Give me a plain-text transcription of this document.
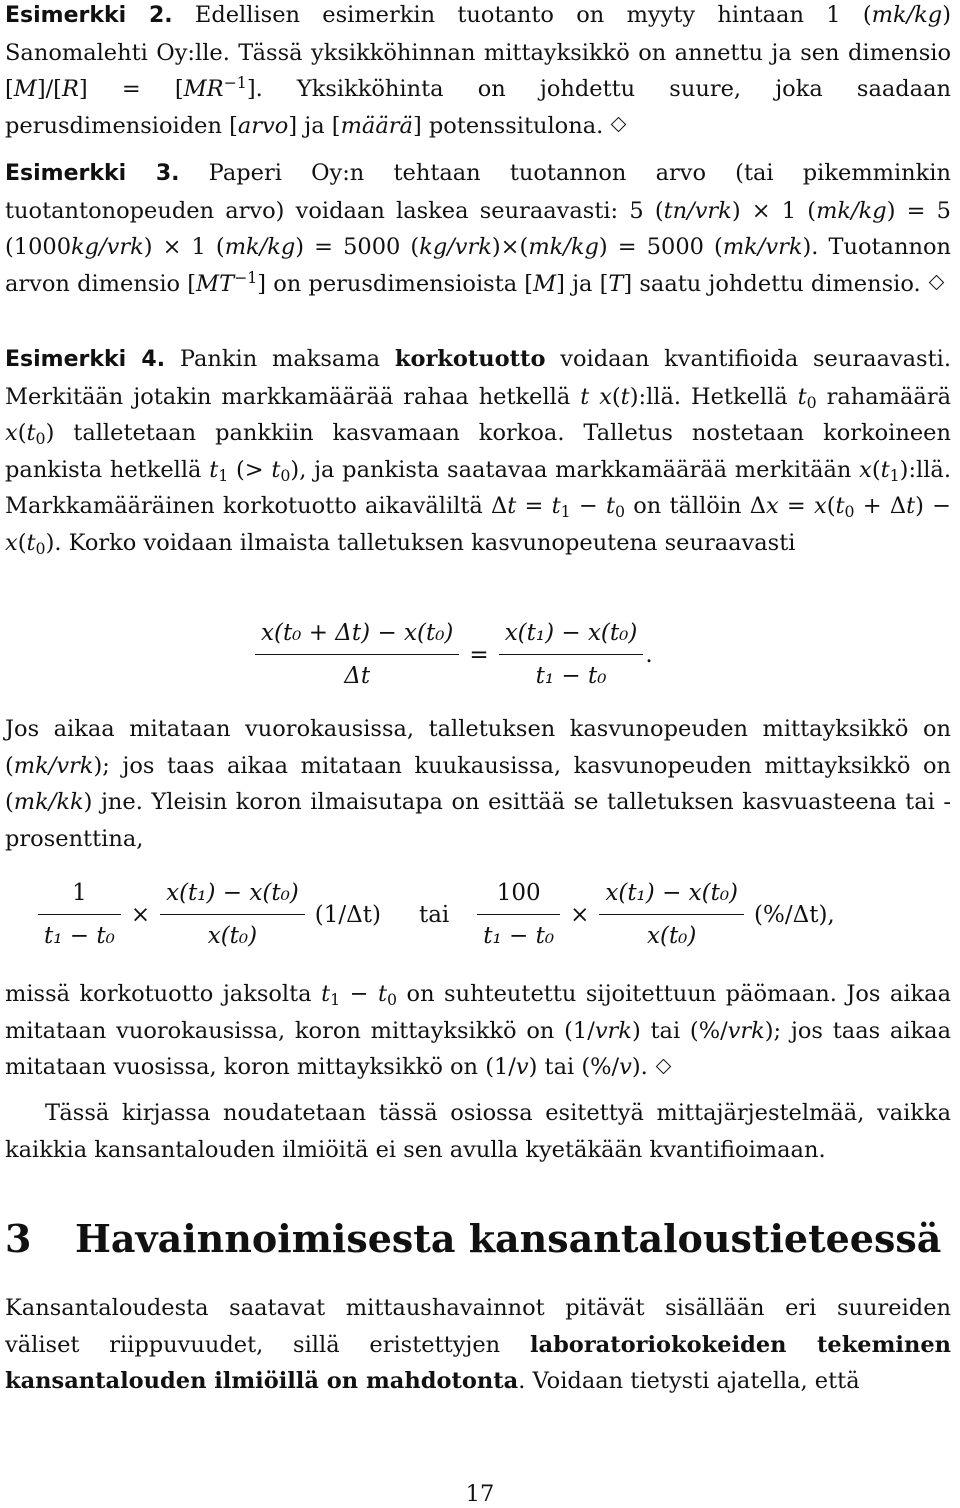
Esimerkki 2. Edellisen esimerkin tuotanto on myyty hintaan 1 (mk/kg) Sanomalehti Oy:lle. Tässä yksikköhinnan mittayksikkö on annettu ja sen dimensio $[M]/[R] = [MR^{-1}]$. Yksikköhinta on johdettu suure, joka saadaan perusdimensioiden [arvo] ja [määrä] potenssitulona.

Esimerkki 3. Paperi Oy:n tehtaan tuotannon arvo (tai pikemminkin tuotantonopeuden arvo) voidaan laskea seuraavasti: 5 (tn/vrk) × 1 (mk/kg) = 5 (1000kg/vrk) × 1 (mk/kg) = 5000 (kg/vrk)×(mk/kg) = 5000 (mk/vrk). Tuotannon arvon dimensio $[MT^{-1}]$ on perusdimensioista [M] ja [T] saatu johdettu dimensio.

Esimerkki 4. Pankin maksama korkotuotto voidaan kvantifioida seuraavasti. Merkitään jotakin markkamäärää rahaa hetkellä t x(t):llä. Hetkellä $t_0$ rahamäärä $x(t_0)$ talletetaan pankkiin kasvamaan korkoa. Talletus nostetaan korkoineen pankista hetkellä $t_1$ (> $t_0$), ja pankista saatavaa markkamäärää merkitään $x(t_1):llä$. Markkamääräinen korkotuotto aikaväliltä $\Delta t = t_1 - t_0$ on tällöin $\Delta x = x(t_0 + \Delta t) - x(t_0)$. Korko voidaan ilmaista talletuksen kasvunopeutena seuraavasti

$\frac{\text{x(t₀ + Δt) − x(t₀)}}{\Delta t} = \frac{\text{x(t₁) − x(t₀)}}{\text{t₁ − t₀}}$ .

Jos aikaa mitataan vuorokausissa, talletuksen kasvunopeuden mittayksikkö on (mk/vrk); jos taas aikaa mitataan kuukausissa, kasvunopeuden mittayksikkö on (mk/kk) jne. Yleisin koron ilmaisutapa on esittää se talletuksen kasvuasteena tai -prosenttina,

$\frac{1}{\text{t₁ − t₀}} \times \frac{\text{x(t₁) − x(t₀)}}{\text{x(t₀)}} (1/\Delta t)$ tai $\frac{100}{\text{t₁ − t₀}} \times \frac{\text{x(t₁) − x(t₀)}}{\text{x(t₀)}} (\%/\Delta t)$,

missä korkotuotto jaksolta $t_1 - t_0$ on suhteutettu sijoitettuun päömaan. Jos aikaa mitataan vuorokausissa, koron mittayksikkö on (1/vrk) tai (%/vrk); jos taas aikaa mitataan vuosissa, koron mittayksikkö on (1/v) tai (%/v).

Tässä kirjassa noudatetaan tässä osiossa esitettyä mittajärjestelmää, vaikka kaikkia kansantalouden ilmiöitä ei sen avulla kyetäkään kvantifioimaan.

3 Havainnoimisesta kansantaloustieteessä

Kansantaloudesta saatavat mittaushavainnot pitävät sisällään eri suureiden väliset riippuvuudet, sillä eristettyjen laboratoriokokeiden tekeminen kansantalouden ilmiöillä on mahdotonta. Voidaan tietysti ajatella, että

17
